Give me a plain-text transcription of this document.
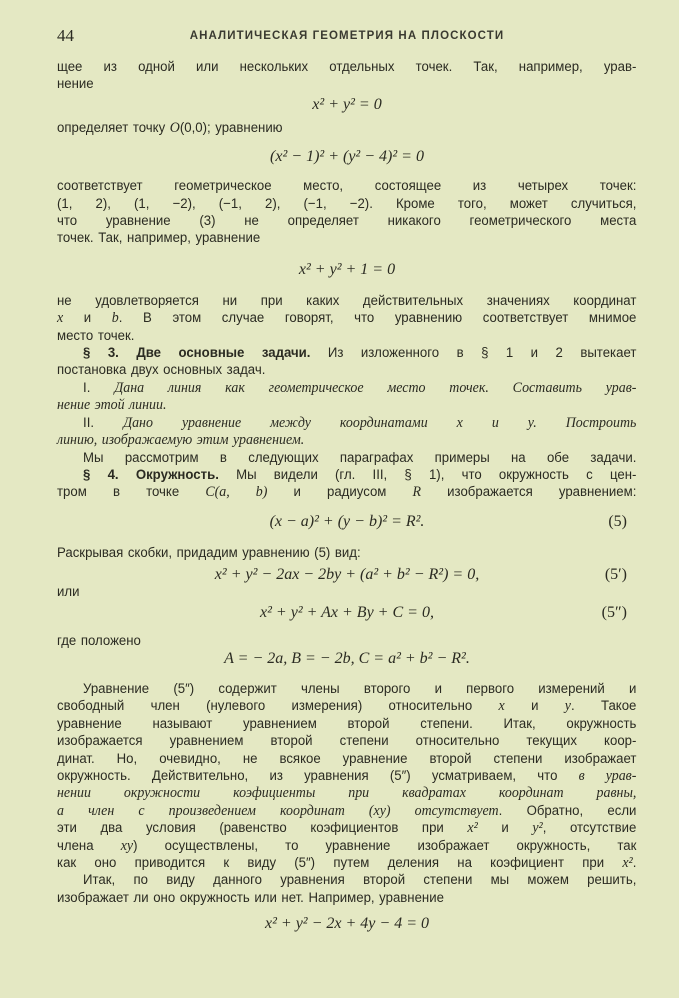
44	АНАЛИТИЧЕСКАЯ ГЕОМЕТРИЯ НА ПЛОСКОСТИ
щее из одной или нескольких отдельных точек. Так, например, урав-
нение
x² + y² = 0
определяет точку O(0,0); уравнению
(x² − 1)² + (y² − 4)² = 0
соответствует геометрическое место, состоящее из четырех точек:
(1, 2), (1, −2), (−1, 2), (−1, −2). Кроме того, может случиться,
что уравнение (3) не определяет никакого геометрического места
точек. Так, например, уравнение
x² + y² + 1 = 0
не удовлетворяется ни при каких действительных значениях координат
x и b. В этом случае говорят, что уравнению соответствует мнимое
место точек.
§ 3. Две основные задачи. Из изложенного в § 1 и 2 вытекает
постановка двух основных задач.
I. Дана линия как геометрическое место точек. Составить урав-
нение этой линии.
II. Дано уравнение между координатами x и y. Построить
линию, изображаемую этим уравнением.
Мы рассмотрим в следующих параграфах примеры на обе задачи.
§ 4. Окружность. Мы видели (гл. III, § 1), что окружность с цен-
тром в точке C(a, b) и радиусом R изображается уравнением:
(x − a)² + (y − b)² = R².	(5)
Раскрывая скобки, придадим уравнению (5) вид:
x² + y² − 2ax − 2by + (a² + b² − R²) = 0,	(5′)
или
x² + y² + Ax + By + C = 0,	(5″)
где положено
A = − 2a, B = − 2b, C = a² + b² − R².
Уравнение (5″) содержит члены второго и первого измерений и
свободный член (нулевого измерения) относительно x и y. Такое
уравнение называют уравнением второй степени. Итак, окружность
изображается уравнением второй степени относительно текущих коор-
динат. Но, очевидно, не всякое уравнение второй степени изображает
окружность. Действительно, из уравнения (5″) усматриваем, что в урав-
нении окружности коэфициенты при квадратах координат равны,
а член с произведением координат (xy) отсутствует. Обратно, если
эти два условия (равенство коэфициентов при x² и y², отсутствие
члена xy) осуществлены, то уравнение изображает окружность, так
как оно приводится к виду (5″) путем деления на коэфициент при x².
Итак, по виду данного уравнения второй степени мы можем решить,
изображает ли оно окружность или нет. Например, уравнение
x² + y² − 2x + 4y − 4 = 0
